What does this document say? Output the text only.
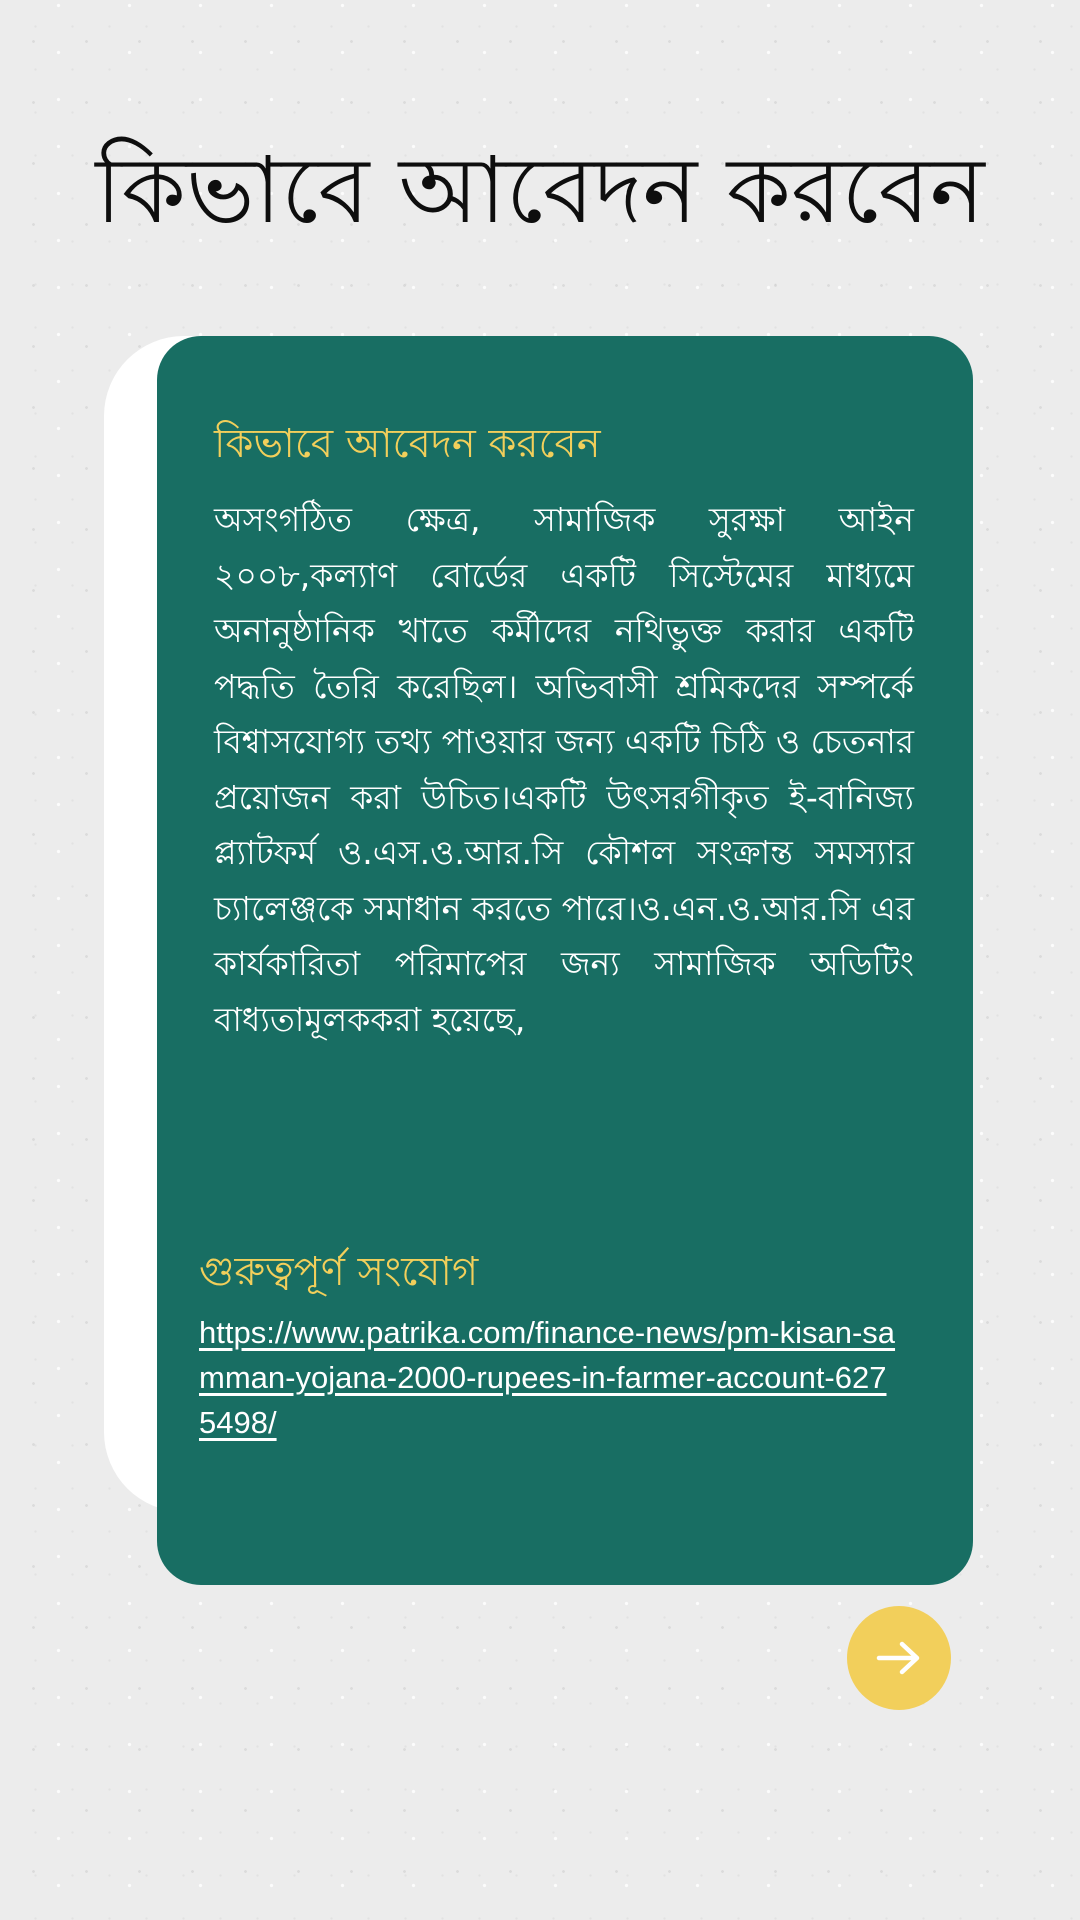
কিভাবে আবেদন করবেন
কিভাবে আবেদন করবেন

অসংগঠিত ক্ষেত্র, সামাজিক সুরক্ষা আইন ২০০৮,কল্যাণ বোর্ডের একটি সিস্টেমের মাধ্যমে অনানুষ্ঠানিক খাতে কর্মীদের নথিভুক্ত করার একটি পদ্ধতি তৈরি করেছিল। অভিবাসী শ্রমিকদের সম্পর্কে বিশ্বাসযোগ্য তথ্য পাওয়ার জন্য একটি চিঠি ও চেতনার প্রয়োজন করা উচিত।একটি উৎসরগীকৃত ই-বানিজ্য প্ল্যাটফর্ম ও.এস.ও.আর.সি কৌশল সংক্রান্ত সমস্যার চ্যালেঞ্জকে সমাধান করতে পারে।ও.এন.ও.আর.সি এর কার্যকারিতা পরিমাপের জন্য সামাজিক অডিটিং বাধ্যতামূলককরা হয়েছে,

গুরুত্বপূর্ণ সংযোগ
https://www.patrika.com/finance-news/pm-kisan-samman-yojana-2000-rupees-in-farmer-account-6275498/
